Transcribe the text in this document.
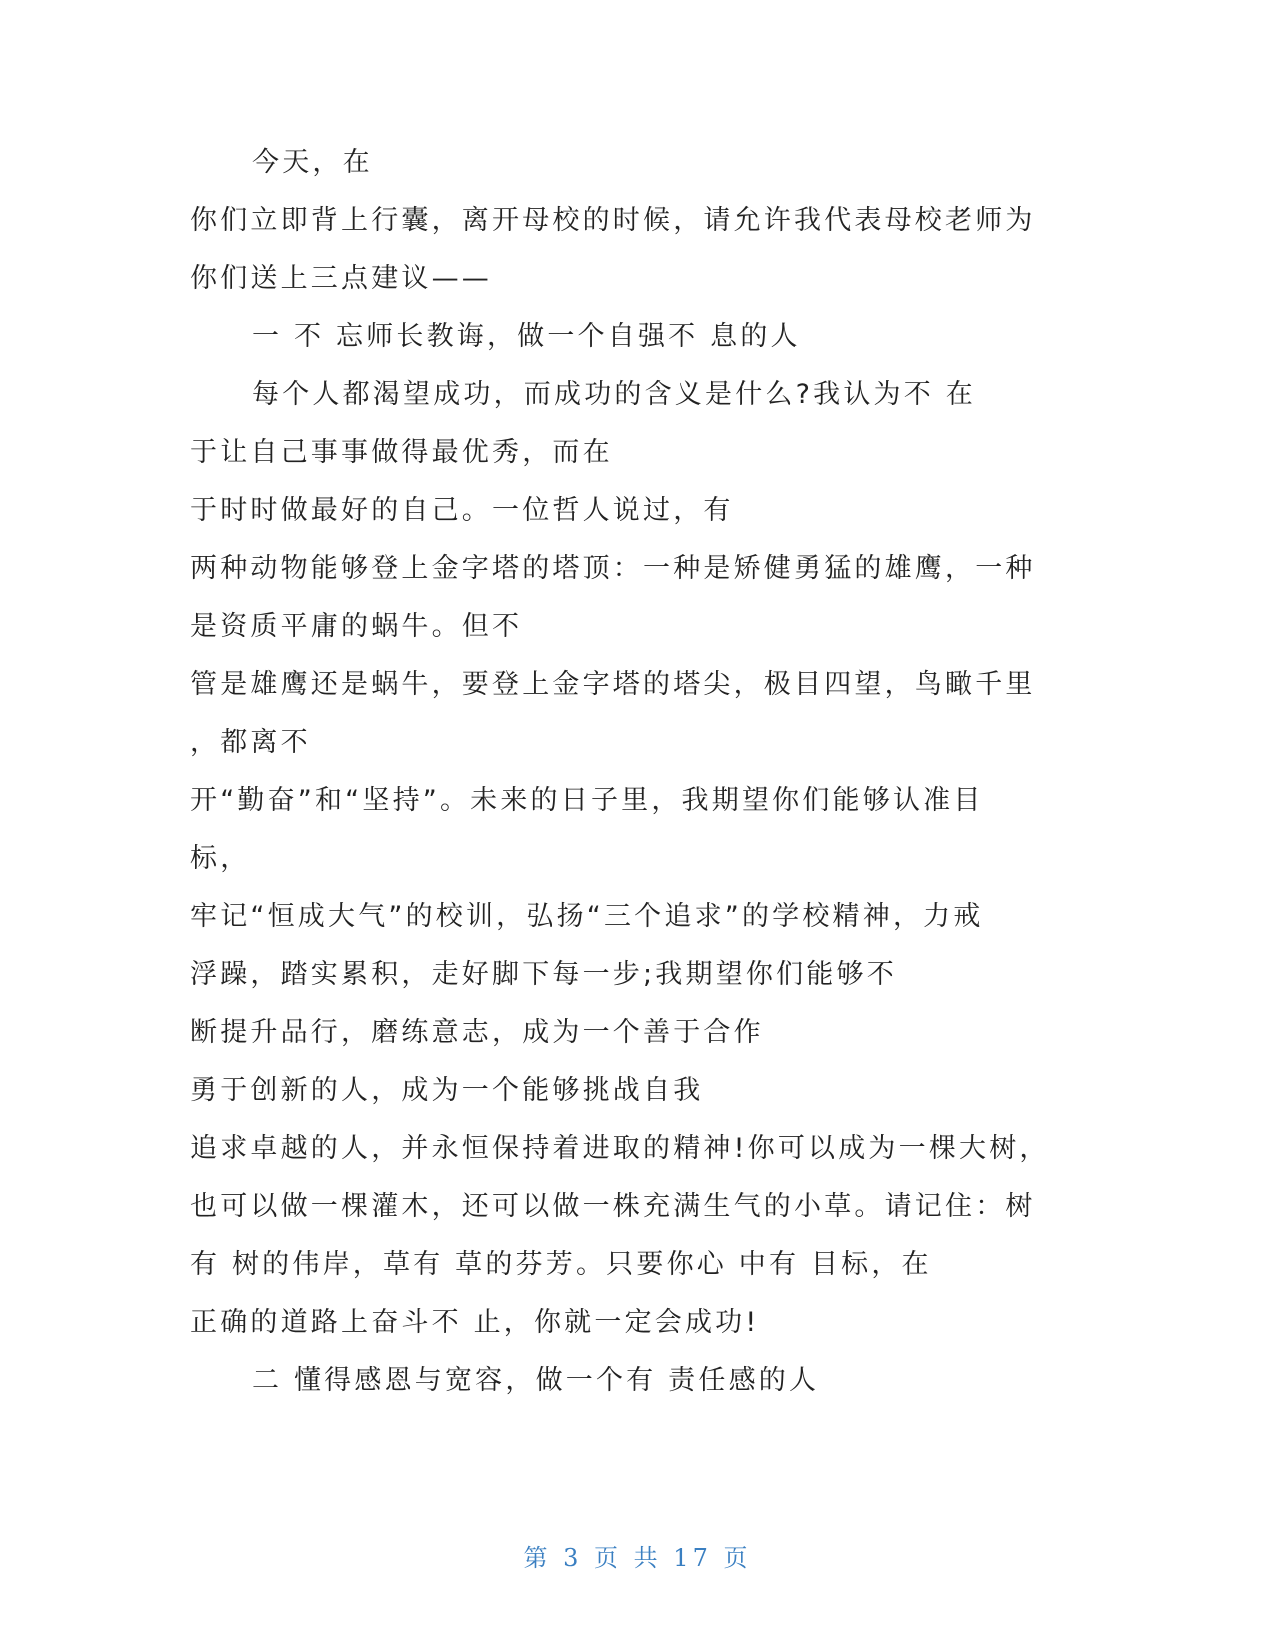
今天，在
你们立即背上行囊，离开母校的时候，请允许我代表母校老师为
你们送上三点建议——
一 不 忘师长教诲，做一个自强不 息的人
每个人都渴望成功，而成功的含义是什么?我认为不 在
于让自己事事做得最优秀，而在
于时时做最好的自己。一位哲人说过，有
两种动物能够登上金字塔的塔顶：一种是矫健勇猛的雄鹰，一种
是资质平庸的蜗牛。但不
管是雄鹰还是蜗牛，要登上金字塔的塔尖，极目四望，鸟瞰千里
，都离不
开“勤奋”和“坚持”。未来的日子里，我期望你们能够认准目
标，
牢记“恒成大气”的校训，弘扬“三个追求”的学校精神，力戒
浮躁，踏实累积，走好脚下每一步;我期望你们能够不
断提升品行，磨练意志，成为一个善于合作
勇于创新的人，成为一个能够挑战自我
追求卓越的人，并永恒保持着进取的精神!你可以成为一棵大树，
也可以做一棵灌木，还可以做一株充满生气的小草。请记住：树
有 树的伟岸，草有 草的芬芳。只要你心 中有 目标，在
正确的道路上奋斗不 止，你就一定会成功!
二 懂得感恩与宽容，做一个有 责任感的人
第 3 页 共 17 页
